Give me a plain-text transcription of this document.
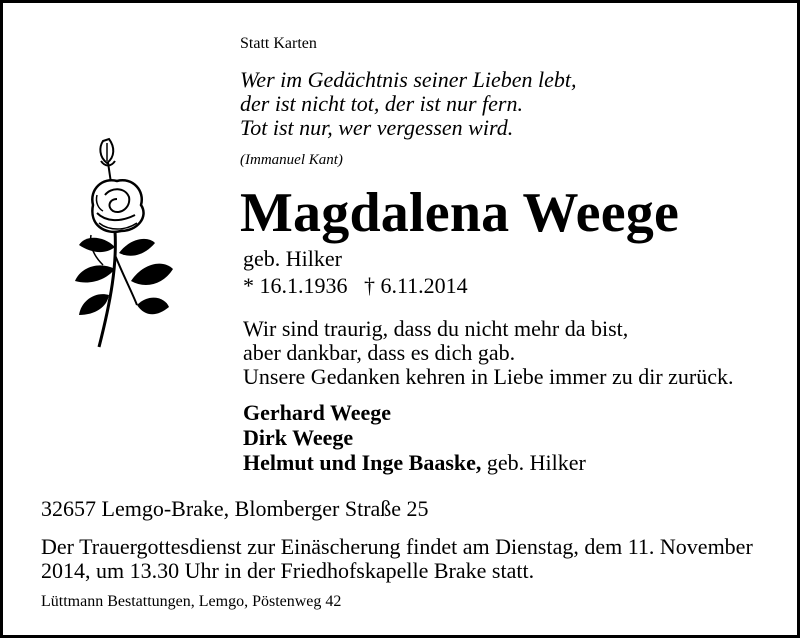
Statt Karten
Wer im Gedächtnis seiner Lieben lebt,
der ist nicht tot, der ist nur fern.
Tot ist nur, wer vergessen wird.
(Immanuel Kant)
Magdalena Weege
geb. Hilker
* 16.1.1936   † 6.11.2014
Wir sind traurig, dass du nicht mehr da bist,
aber dankbar, dass es dich gab.
Unsere Gedanken kehren in Liebe immer zu dir zurück.
Gerhard Weege
Dirk Weege
Helmut und Inge Baaske, geb. Hilker
32657 Lemgo-Brake, Blomberger Straße 25
Der Trauergottesdienst zur Einäscherung findet am Dienstag, dem 11. November
2014, um 13.30 Uhr in der Friedhofskapelle Brake statt.
Lüttmann Bestattungen, Lemgo, Pöstenweg 42
